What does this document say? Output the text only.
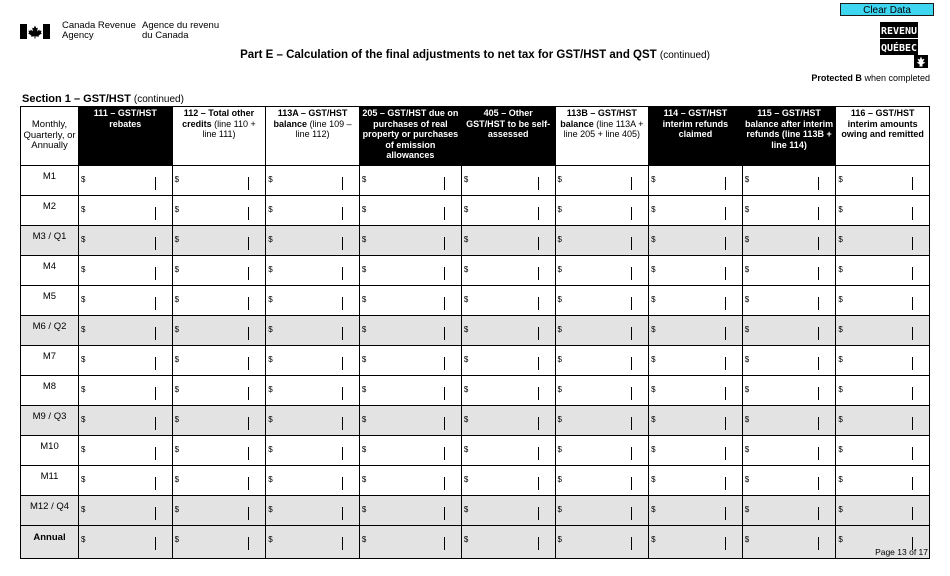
Canada Revenue
Agency
Agence du revenu
du Canada
Clear Data
REVENU
QUÉBEC
Part E – Calculation of the final adjustments to net tax for GST/HST and QST (continued)
Protected B when completed
Section 1 – GST/HST (continued)
Monthly, Quarterly, or Annually	111 – GST/HST rebates	112 – Total other credits (line 110 + line 111)	113A – GST/HST balance (line 109 – line 112)	205 – GST/HST due on purchases of real property or purchases of emission allowances	405 – Other GST/HST to be self-assessed	113B – GST/HST balance (line 113A + line 205 + line 405)	114 – GST/HST interim refunds claimed	115 – GST/HST balance after interim refunds (line 113B + line 114)	116 – GST/HST interim amounts owing and remitted
M1	$	$	$	$	$	$	$	$	$

M2	$	$	$	$	$	$	$	$	$

M3 / Q1	$	$	$	$	$	$	$	$	$

M4	$	$	$	$	$	$	$	$	$

M5	$	$	$	$	$	$	$	$	$

M6 / Q2	$	$	$	$	$	$	$	$	$

M7	$	$	$	$	$	$	$	$	$

M8	$	$	$	$	$	$	$	$	$

M9 / Q3	$	$	$	$	$	$	$	$	$

M10	$	$	$	$	$	$	$	$	$

M11	$	$	$	$	$	$	$	$	$

M12 / Q4	$	$	$	$	$	$	$	$	$

Annual	$	$	$	$	$	$	$	$	$
Page 13 of 17
